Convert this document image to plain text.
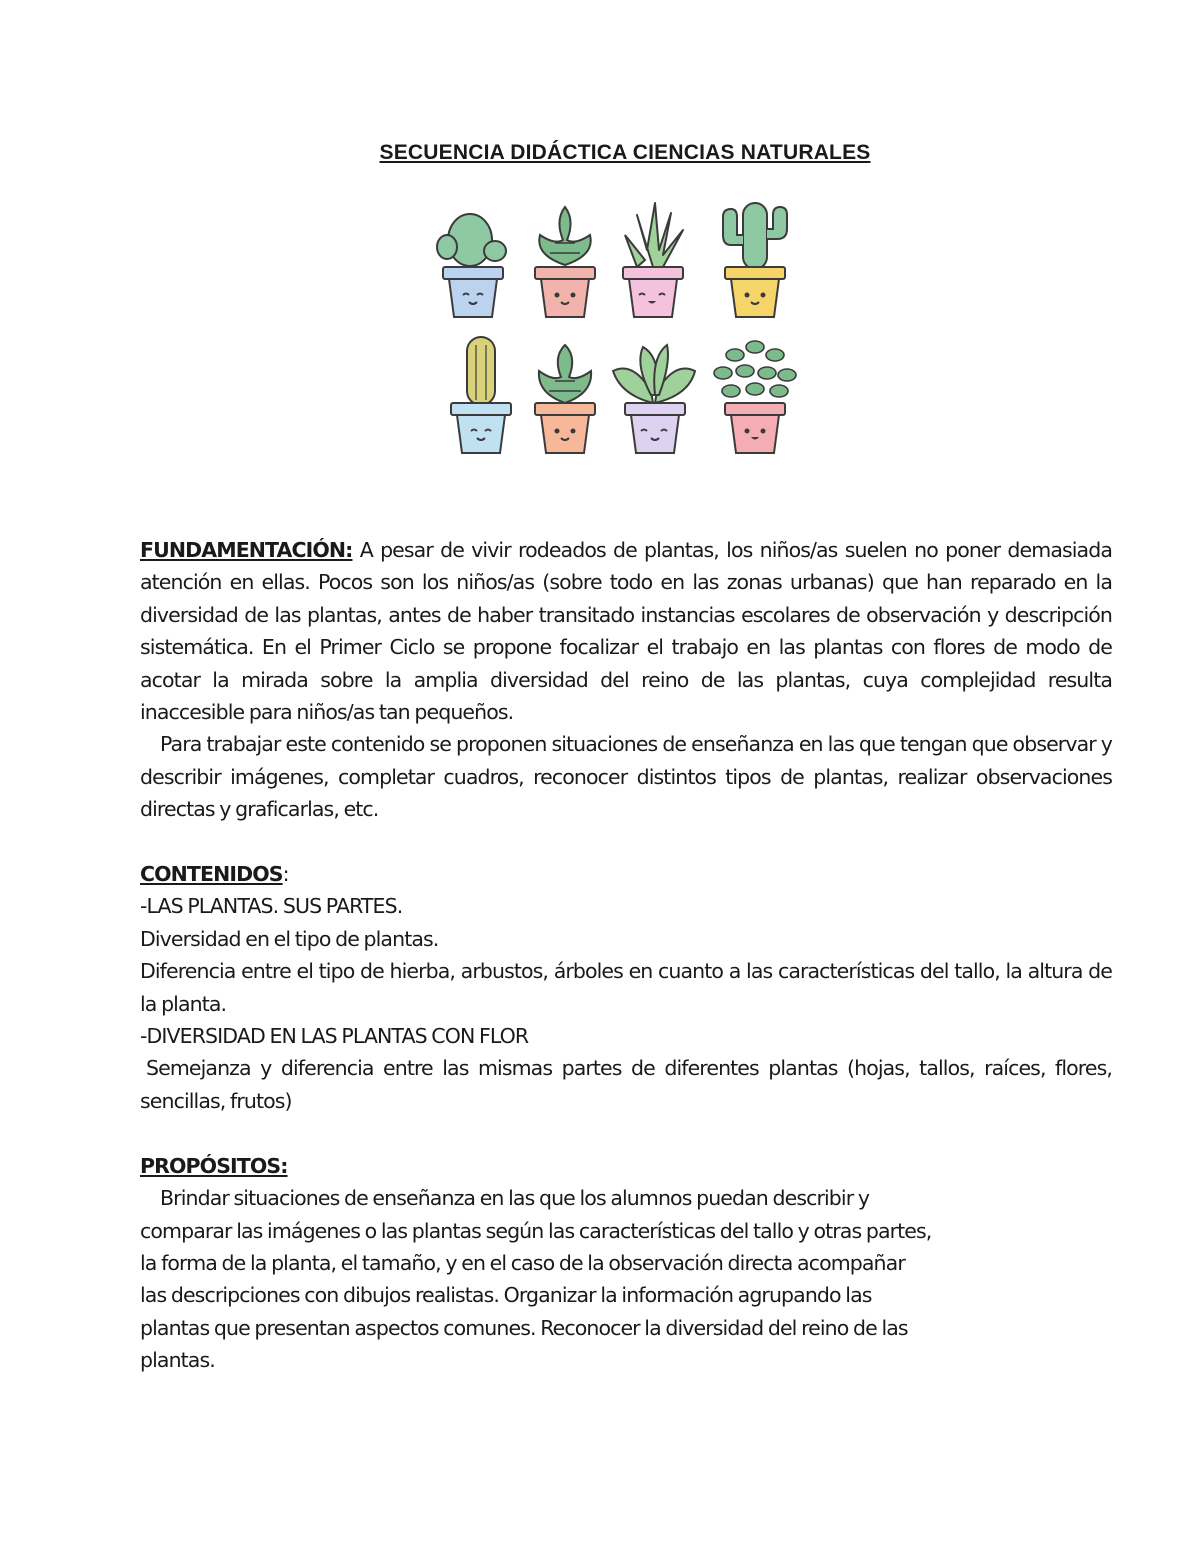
SECUENCIA DIDÁCTICA CIENCIAS NATURALES

FUNDAMENTACIÓN: A pesar de vivir rodeados de plantas, los niños/as suelen no poner demasiada atención en ellas. Pocos son los niños/as (sobre todo en las zonas urbanas) que han reparado en la diversidad de las plantas, antes de haber transitado instancias escolares de observación y descripción sistemática. En el Primer Ciclo se propone focalizar el trabajo en las plantas con flores de modo de acotar la mirada sobre la amplia diversidad del reino de las plantas, cuya complejidad resulta inaccesible para niños/as tan pequeños.

Para trabajar este contenido se proponen situaciones de enseñanza en las que tengan que observar y describir imágenes, completar cuadros, reconocer distintos tipos de plantas, realizar observaciones directas y graficarlas, etc.

CONTENIDOS:

-LAS PLANTAS. SUS PARTES.

Diversidad en el tipo de plantas.

Diferencia entre el tipo de hierba, arbustos, árboles en cuanto a las características del tallo, la altura de la planta.

-DIVERSIDAD EN LAS PLANTAS CON FLOR

Semejanza y diferencia entre las mismas partes de diferentes plantas (hojas, tallos, raíces, flores, sencillas, frutos)

PROPÓSITOS:

Brindar situaciones de enseñanza en las que los alumnos puedan describir y

comparar las imágenes o las plantas según las características del tallo y otras partes,

la forma de la planta, el tamaño, y en el caso de la observación directa acompañar

las descripciones con dibujos realistas. Organizar la información agrupando las

plantas que presentan aspectos comunes. Reconocer la diversidad del reino de las

plantas.
